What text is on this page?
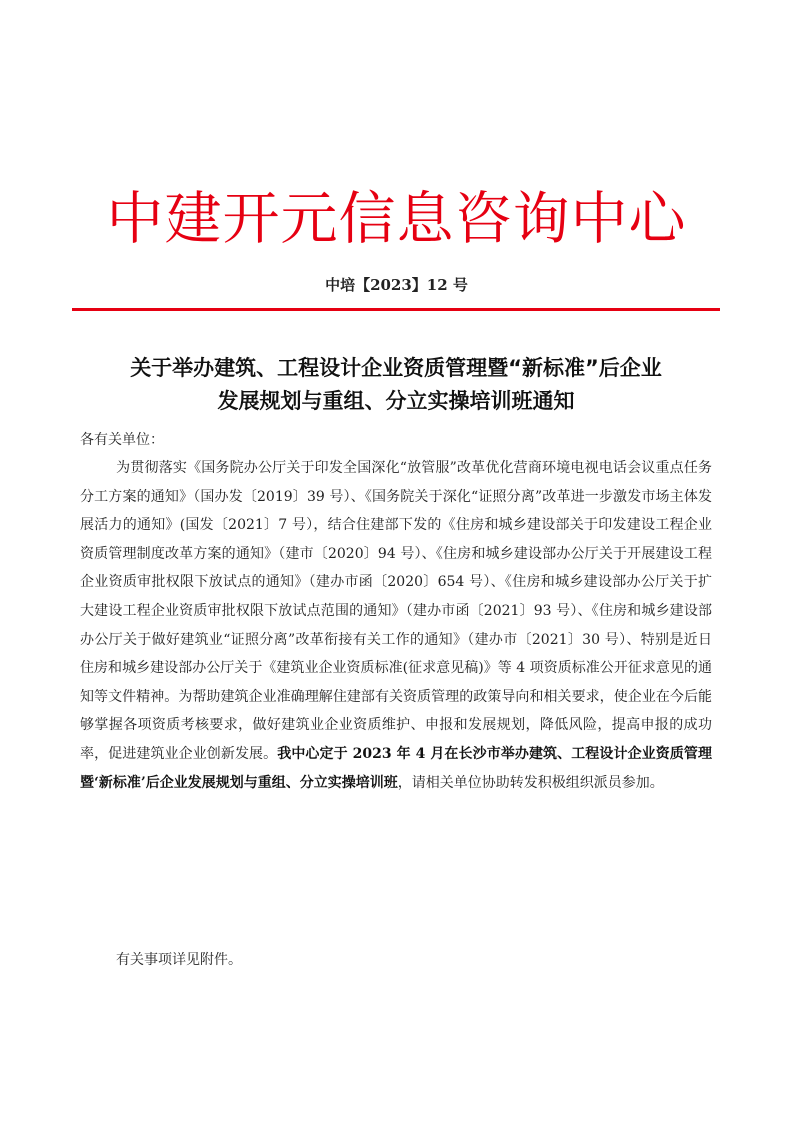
中建开元信息咨询中心
中培【2023】12 号
关于举办建筑、工程设计企业资质管理暨“新标准”后企业
发展规划与重组、分立实操培训班通知
各有关单位：
为贯彻落实《国务院办公厅关于印发全国深化“放管服”改革优化营商环境电视电话会议重点任务分工方案的通知》（国办发〔2019〕39 号）、《国务院关于深化“证照分离”改革进一步激发市场主体发展活力的通知》(国发〔2021〕7 号），结合住建部下发的《住房和城乡建设部关于印发建设工程企业资质管理制度改革方案的通知》（建市〔2020〕94 号）、《住房和城乡建设部办公厅关于开展建设工程企业资质审批权限下放试点的通知》（建办市函〔2020〕654 号）、《住房和城乡建设部办公厅关于扩大建设工程企业资质审批权限下放试点范围的通知》（建办市函〔2021〕93 号）、《住房和城乡建设部办公厅关于做好建筑业“证照分离”改革衔接有关工作的通知》（建办市〔2021〕30 号）、特别是近日住房和城乡建设部办公厅关于《建筑业企业资质标准(征求意见稿)》等 4 项资质标准公开征求意见的通知等文件精神。为帮助建筑企业准确理解住建部有关资质管理的政策导向和相关要求，使企业在今后能够掌握各项资质考核要求，做好建筑业企业资质维护、申报和发展规划，降低风险，提高申报的成功率，促进建筑业企业创新发展。我中心定于 2023 年 4 月在长沙市举办建筑、工程设计企业资质管理暨‘新标准’后企业发展规划与重组、分立实操培训班，请相关单位协助转发积极组织派员参加。
有关事项详见附件。
